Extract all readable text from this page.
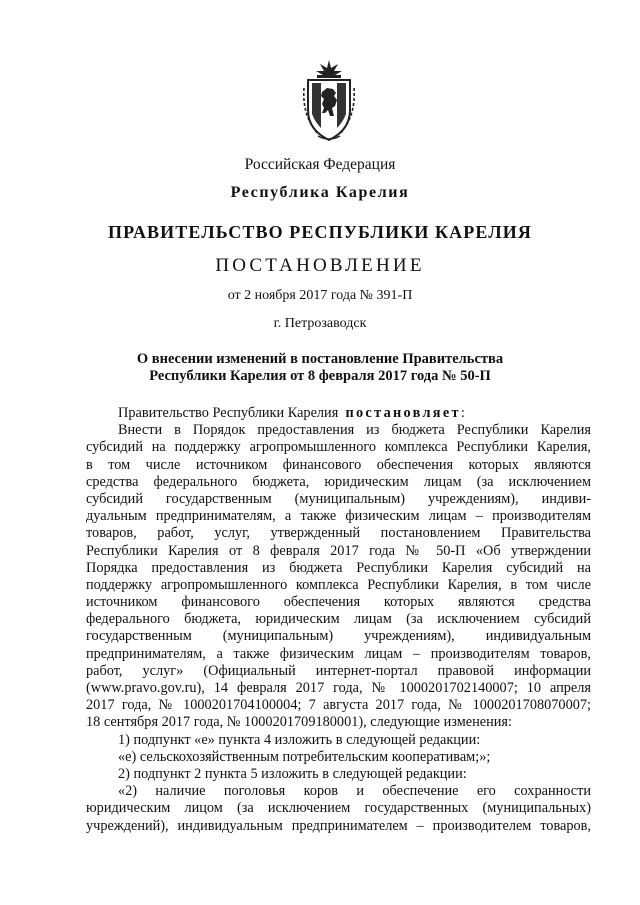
Российская Федерация
Республика Карелия
ПРАВИТЕЛЬСТВО РЕСПУБЛИКИ КАРЕЛИЯ
ПОСТАНОВЛЕНИЕ
от 2 ноября 2017 года № 391-П
г. Петрозаводск
О внесении изменений в постановление Правительства
Республики Карелия от 8 февраля 2017 года № 50-П
Правительство Республики Карелия  постановляет:
Внести в Порядок предоставления из бюджета Республики Карелия
субсидий на поддержку агропромышленного комплекса Республики Карелия,
в том числе источником финансового обеспечения которых являются
средства федерального бюджета, юридическим лицам (за исключением
субсидий государственным (муниципальным) учреждениям), индиви-
дуальным предпринимателям, а также физическим лицам – производителям
товаров, работ, услуг, утвержденный постановлением Правительства
Республики Карелия от 8 февраля 2017 года № 50-П «Об утверждении
Порядка предоставления из бюджета Республики Карелия субсидий на
поддержку агропромышленного комплекса Республики Карелия, в том числе
источником финансового обеспечения которых являются средства
федерального бюджета, юридическим лицам (за исключением субсидий
государственным (муниципальным) учреждениям), индивидуальным
предпринимателям, а также физическим лицам – производителям товаров,
работ, услуг» (Официальный интернет-портал правовой информации
(www.pravo.gov.ru), 14 февраля 2017 года, № 1000201702140007; 10 апреля
2017 года, № 1000201704100004; 7 августа 2017 года, № 1000201708070007;
18 сентября 2017 года, № 1000201709180001), следующие изменения:
1) подпункт «е» пункта 4 изложить в следующей редакции:
«е) сельскохозяйственным потребительским кооперативам;»;
2) подпункт 2 пункта 5 изложить в следующей редакции:
«2) наличие поголовья коров и обеспечение его сохранности
юридическим лицом (за исключением государственных (муниципальных)
учреждений), индивидуальным предпринимателем – производителем товаров,
